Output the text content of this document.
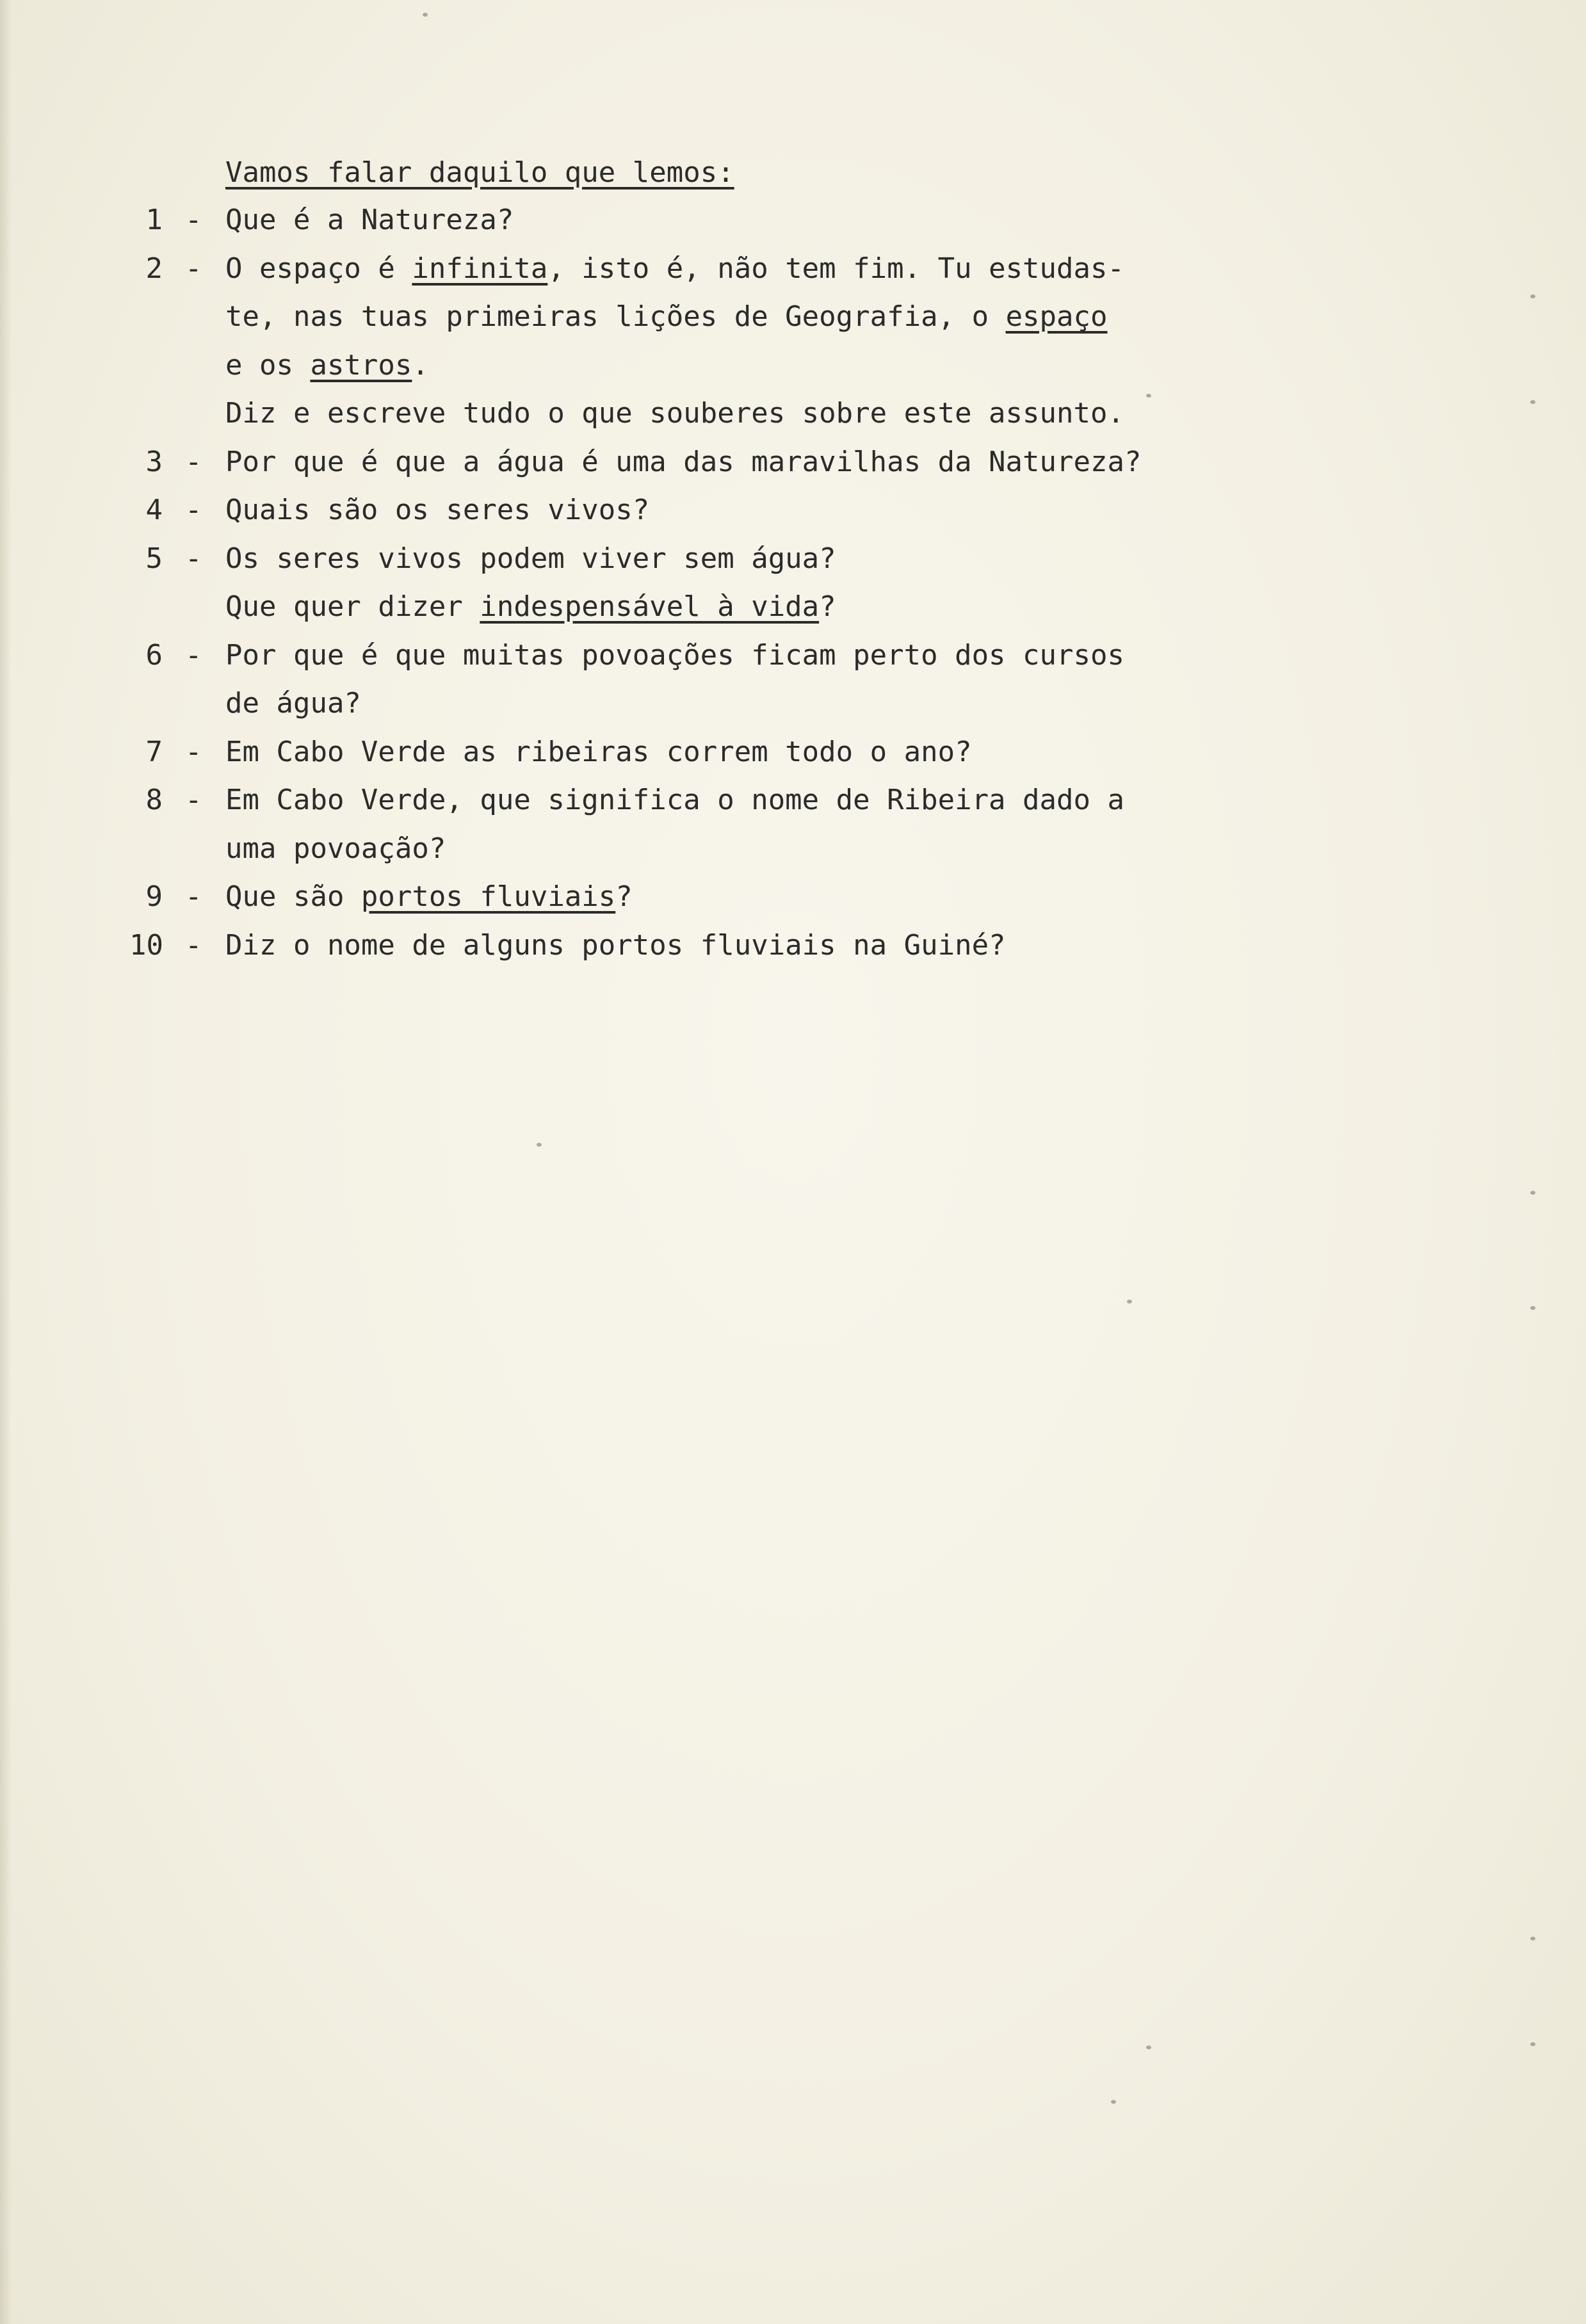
Vamos falar daquilo que lemos:
1 - Que é a Natureza?
2 - O espaço é infinita, isto é, não tem fim. Tu estudas-
te, nas tuas primeiras lições de Geografia, o espaço
e os astros.
Diz e escreve tudo o que souberes sobre este assunto.
3 - Por que é que a água é uma das maravilhas da Natureza?
4 - Quais são os seres vivos?
5 - Os seres vivos podem viver sem água?
Que quer dizer indespensável à vida?
6 - Por que é que muitas povoações ficam perto dos cursos
de água?
7 - Em Cabo Verde as ribeiras correm todo o ano?
8 - Em Cabo Verde, que significa o nome de Ribeira dado a
uma povoação?
9 - Que são portos fluviais?
10 - Diz o nome de alguns portos fluviais na Guiné?
